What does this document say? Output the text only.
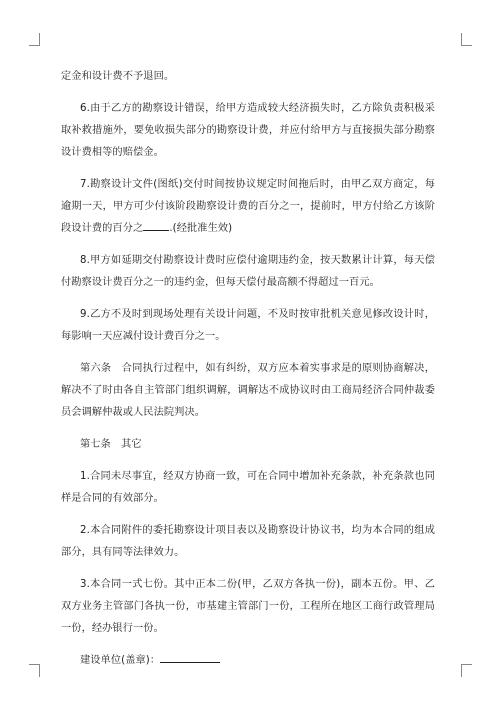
定金和设计费不予退回。

6.由于乙方的勘察设计错误，给甲方造成较大经济损失时，乙方除负责积极采取补救措施外，要免收损失部分的勘察设计费，并应付给甲方与直接损失部分勘察设计费相等的赔偿金。

7.勘察设计文件(图纸)交付时间按协议规定时间拖后时，由甲乙双方商定，每逾期一天，甲方可少付该阶段勘察设计费的百分之一，提前时，甲方付给乙方该阶段设计费的百分之	.(经批准生效)

8.甲方如延期交付勘察设计费时应偿付逾期违约金，按天数累计计算，每天偿付勘察设计费百分之一的违约金，但每天偿付最高额不得超过一百元。

9.乙方不及时到现场处理有关设计问题，不及时按审批机关意见修改设计时，每影响一天应减付设计费百分之一。

第六条　合同执行过程中，如有纠纷，双方应本着实事求是的原则协商解决，解决不了时由各自主管部门组织调解，调解达不成协议时由工商局经济合同仲裁委员会调解仲裁或人民法院判决。

第七条　其它

1.合同未尽事宜，经双方协商一致，可在合同中增加补充条款，补充条款也同样是合同的有效部分。

2.本合同附件的委托勘察设计项目表以及勘察设计协议书，均为本合同的组成部分，具有同等法律效力。

3.本合同一式七份。其中正本二份(甲，乙双方各执一份)，副本五份。甲、乙双方业务主管部门各执一份，市基建主管部门一份，工程所在地区工商行政管理局一份，经办银行一份。

建设单位(盖章)：
